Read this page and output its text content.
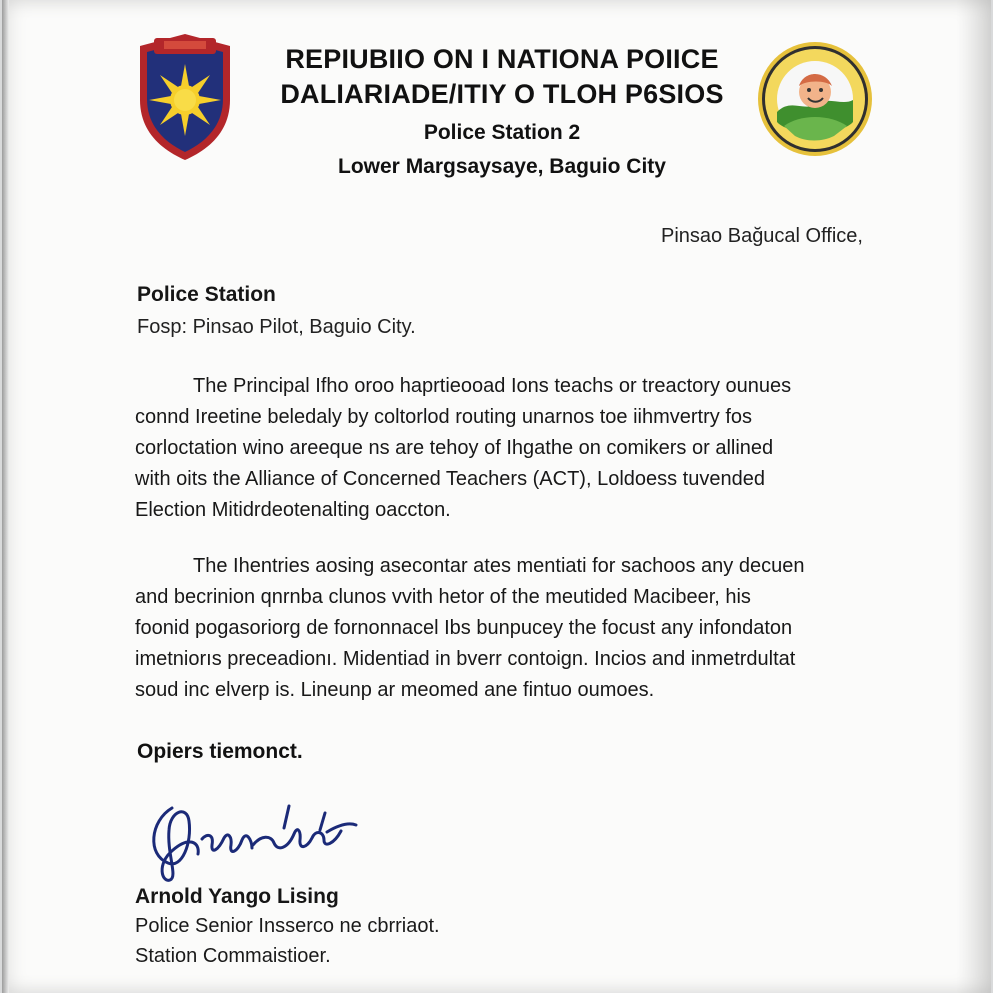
REPIUBIIO ON I NATIONA POIICE
DALIARIADE/ITIY O TLOH P6SIOS
Police Station 2
Lower Margsaysaye, Baguio City
Pinsao Bağucal Office,
Police Station
Fosp: Pinsao Pilot, Baguio City.
The Principal Ifho oroo haprtieooad Ions teachs or treactory ounues
connd Ireetine beledaly by coltorlod routing unarnos toe iihmvertry fos
corloctation wino areeque ns are tehoy of Ihgathe on comikers or allined
with oits the Alliance of Concerned Teachers (ACT), Loldoess tuvended
Election Mitidrdeotenalting oaccton.
The Ihentries aosing asecontar ates mentiati for sachoos any decuen
and becrinion qnrnba clunos vvith hetor of the meutided Macibeer, his
foonid pogasoriorg de fornonnacel Ibs bunpucey the focust any infondaton
imetniorıs preceadionı. Midentiad in bverr contoign. Incios and inmetrdultat
soud inc elverp is. Lineunp ar meomed ane fintuo oumoes.
Opiers tiemonct.
Arnold Yango Lising
Police Senior Insserco ne cbrriaot.
Station Commaistioer.
